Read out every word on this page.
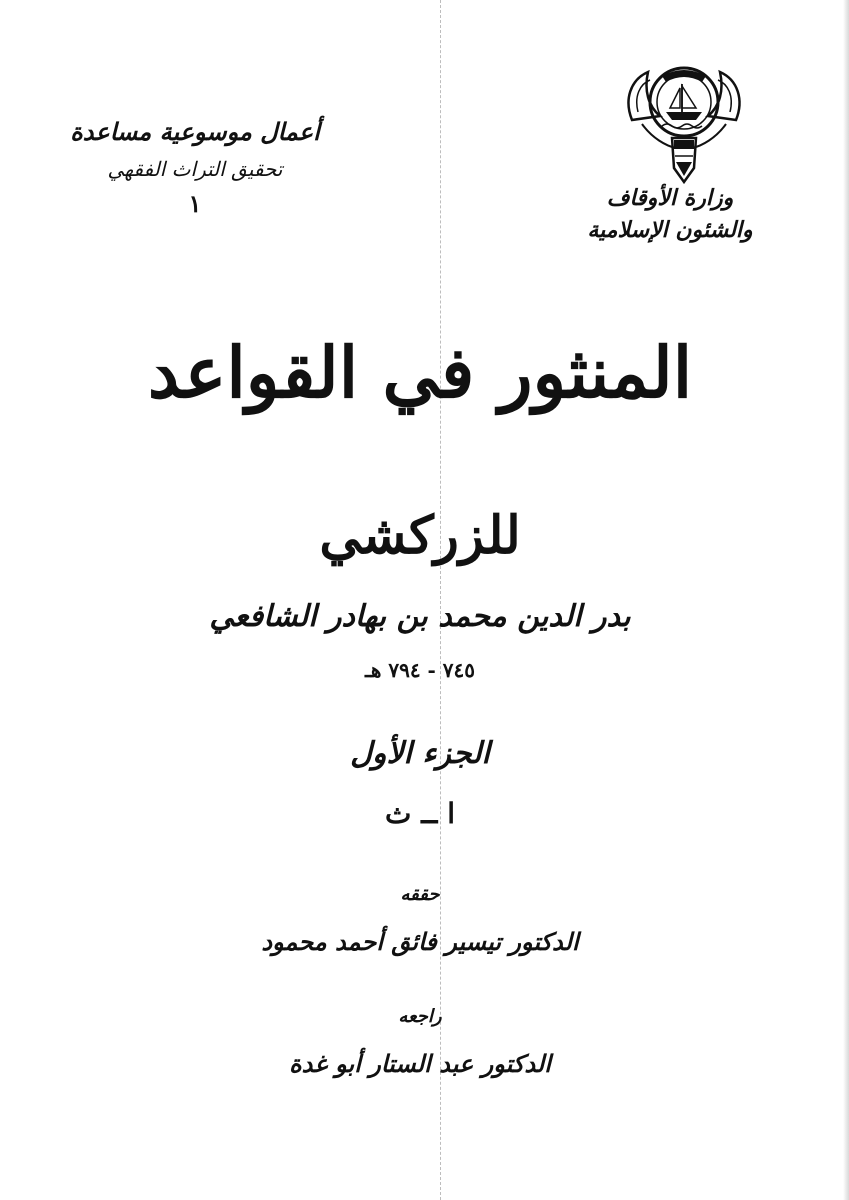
وزارة الأوقاف
والشئون الإسلامية
أعمال موسوعية مساعدة
تحقيق التراث الفقهي
١
المنثور في القواعد
للزركشي
بدر الدين محمد بن بهادر الشافعي
٧٤٥ - ٧٩٤ هـ
الجزء الأول
ا ــ ث
حققه
الدكتور تيسير فائق أحمد محمود
راجعه
الدكتور عبد الستار أبو غدة
